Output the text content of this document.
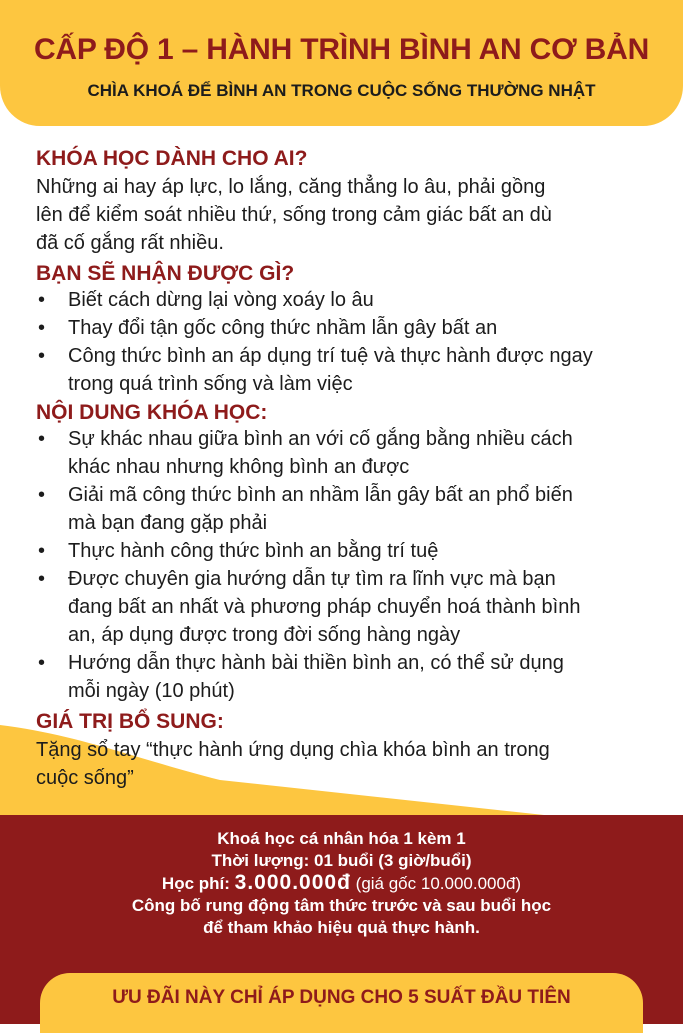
CẤP ĐỘ 1 – HÀNH TRÌNH BÌNH AN CƠ BẢN
CHÌA KHOÁ ĐỂ BÌNH AN TRONG CUỘC SỐNG THƯỜNG NHẬT
KHÓA HỌC DÀNH CHO AI?
Những ai hay áp lực, lo lắng, căng thẳng lo âu, phải gồng
lên để kiểm soát nhiều thứ, sống trong cảm giác bất an dù
đã cố gắng rất nhiều.
BẠN SẼ NHẬN ĐƯỢC GÌ?
• Biết cách dừng lại vòng xoáy lo âu
• Thay đổi tận gốc công thức nhầm lẫn gây bất an
• Công thức bình an áp dụng trí tuệ và thực hành được ngay
trong quá trình sống và làm việc
NỘI DUNG KHÓA HỌC:
• Sự khác nhau giữa bình an với cố gắng bằng nhiều cách
khác nhau nhưng không bình an được
• Giải mã công thức bình an nhầm lẫn gây bất an phổ biến
mà bạn đang gặp phải
• Thực hành công thức bình an bằng trí tuệ
• Được chuyên gia hướng dẫn tự tìm ra lĩnh vực mà bạn
đang bất an nhất và phương pháp chuyển hoá thành bình
an, áp dụng được trong đời sống hàng ngày
• Hướng dẫn thực hành bài thiền bình an, có thể sử dụng
mỗi ngày (10 phút)
GIÁ TRỊ BỔ SUNG:
Tặng sổ tay “thực hành ứng dụng chìa khóa bình an trong
cuộc sống”
Khoá học cá nhân hóa 1 kèm 1
Thời lượng: 01 buổi (3 giờ/buổi)
Học phí: 3.000.000đ (giá gốc 10.000.000đ)
Công bố rung động tâm thức trước và sau buổi học
để tham khảo hiệu quả thực hành.
ƯU ĐÃI NÀY CHỈ ÁP DỤNG CHO 5 SUẤT ĐẦU TIÊN
